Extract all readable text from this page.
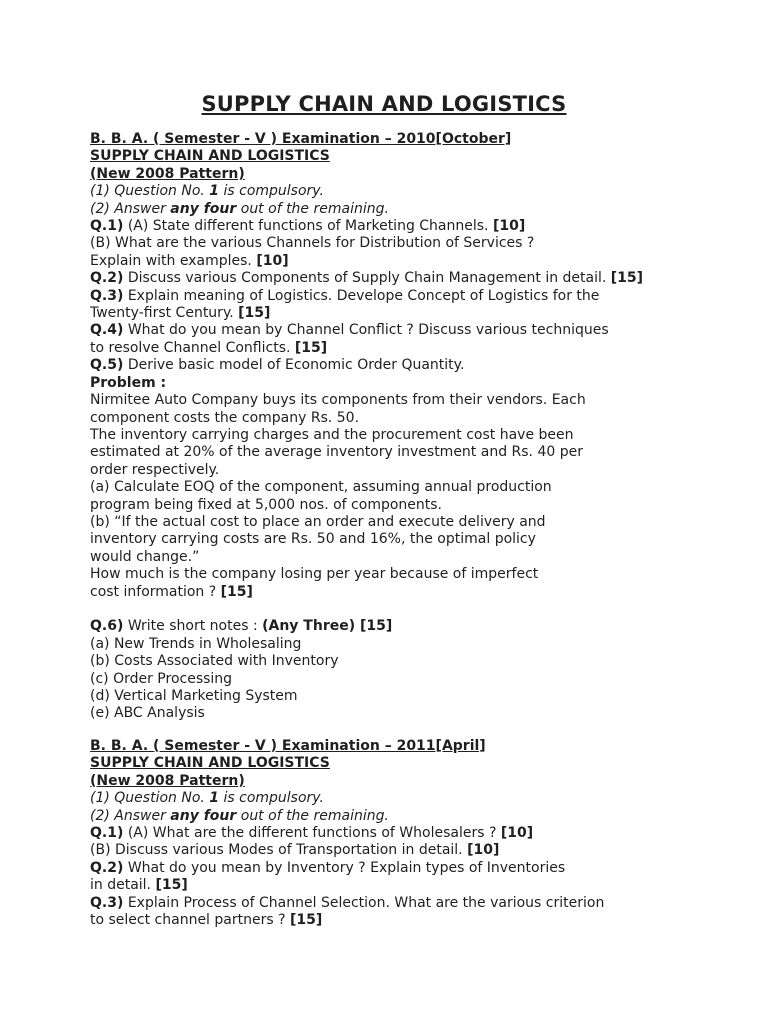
SUPPLY CHAIN AND LOGISTICS
B. B. A. ( Semester - V ) Examination – 2010[October]
SUPPLY CHAIN AND LOGISTICS
(New 2008 Pattern)
(1) Question No. 1 is compulsory.
(2) Answer any four out of the remaining.
Q.1) (A) State different functions of Marketing Channels. [10]
(B) What are the various Channels for Distribution of Services ?
Explain with examples. [10]
Q.2) Discuss various Components of Supply Chain Management in detail. [15]
Q.3) Explain meaning of Logistics. Develope Concept of Logistics for the
Twenty-first Century. [15]
Q.4) What do you mean by Channel Conflict ? Discuss various techniques
to resolve Channel Conflicts. [15]
Q.5) Derive basic model of Economic Order Quantity.
Problem :
Nirmitee Auto Company buys its components from their vendors. Each
component costs the company Rs. 50.
The inventory carrying charges and the procurement cost have been
estimated at 20% of the average inventory investment and Rs. 40 per
order respectively.
(a) Calculate EOQ of the component, assuming annual production
program being fixed at 5,000 nos. of components.
(b) “If the actual cost to place an order and execute delivery and
inventory carrying costs are Rs. 50 and 16%, the optimal policy
would change.”
How much is the company losing per year because of imperfect
cost information ? [15]
Q.6) Write short notes : (Any Three) [15]
(a) New Trends in Wholesaling
(b) Costs Associated with Inventory
(c) Order Processing
(d) Vertical Marketing System
(e) ABC Analysis
B. B. A. ( Semester - V ) Examination – 2011[April]
SUPPLY CHAIN AND LOGISTICS
(New 2008 Pattern)
(1) Question No. 1 is compulsory.
(2) Answer any four out of the remaining.
Q.1) (A) What are the different functions of Wholesalers ? [10]
(B) Discuss various Modes of Transportation in detail. [10]
Q.2) What do you mean by Inventory ? Explain types of Inventories
in detail. [15]
Q.3) Explain Process of Channel Selection. What are the various criterion
to select channel partners ? [15]
